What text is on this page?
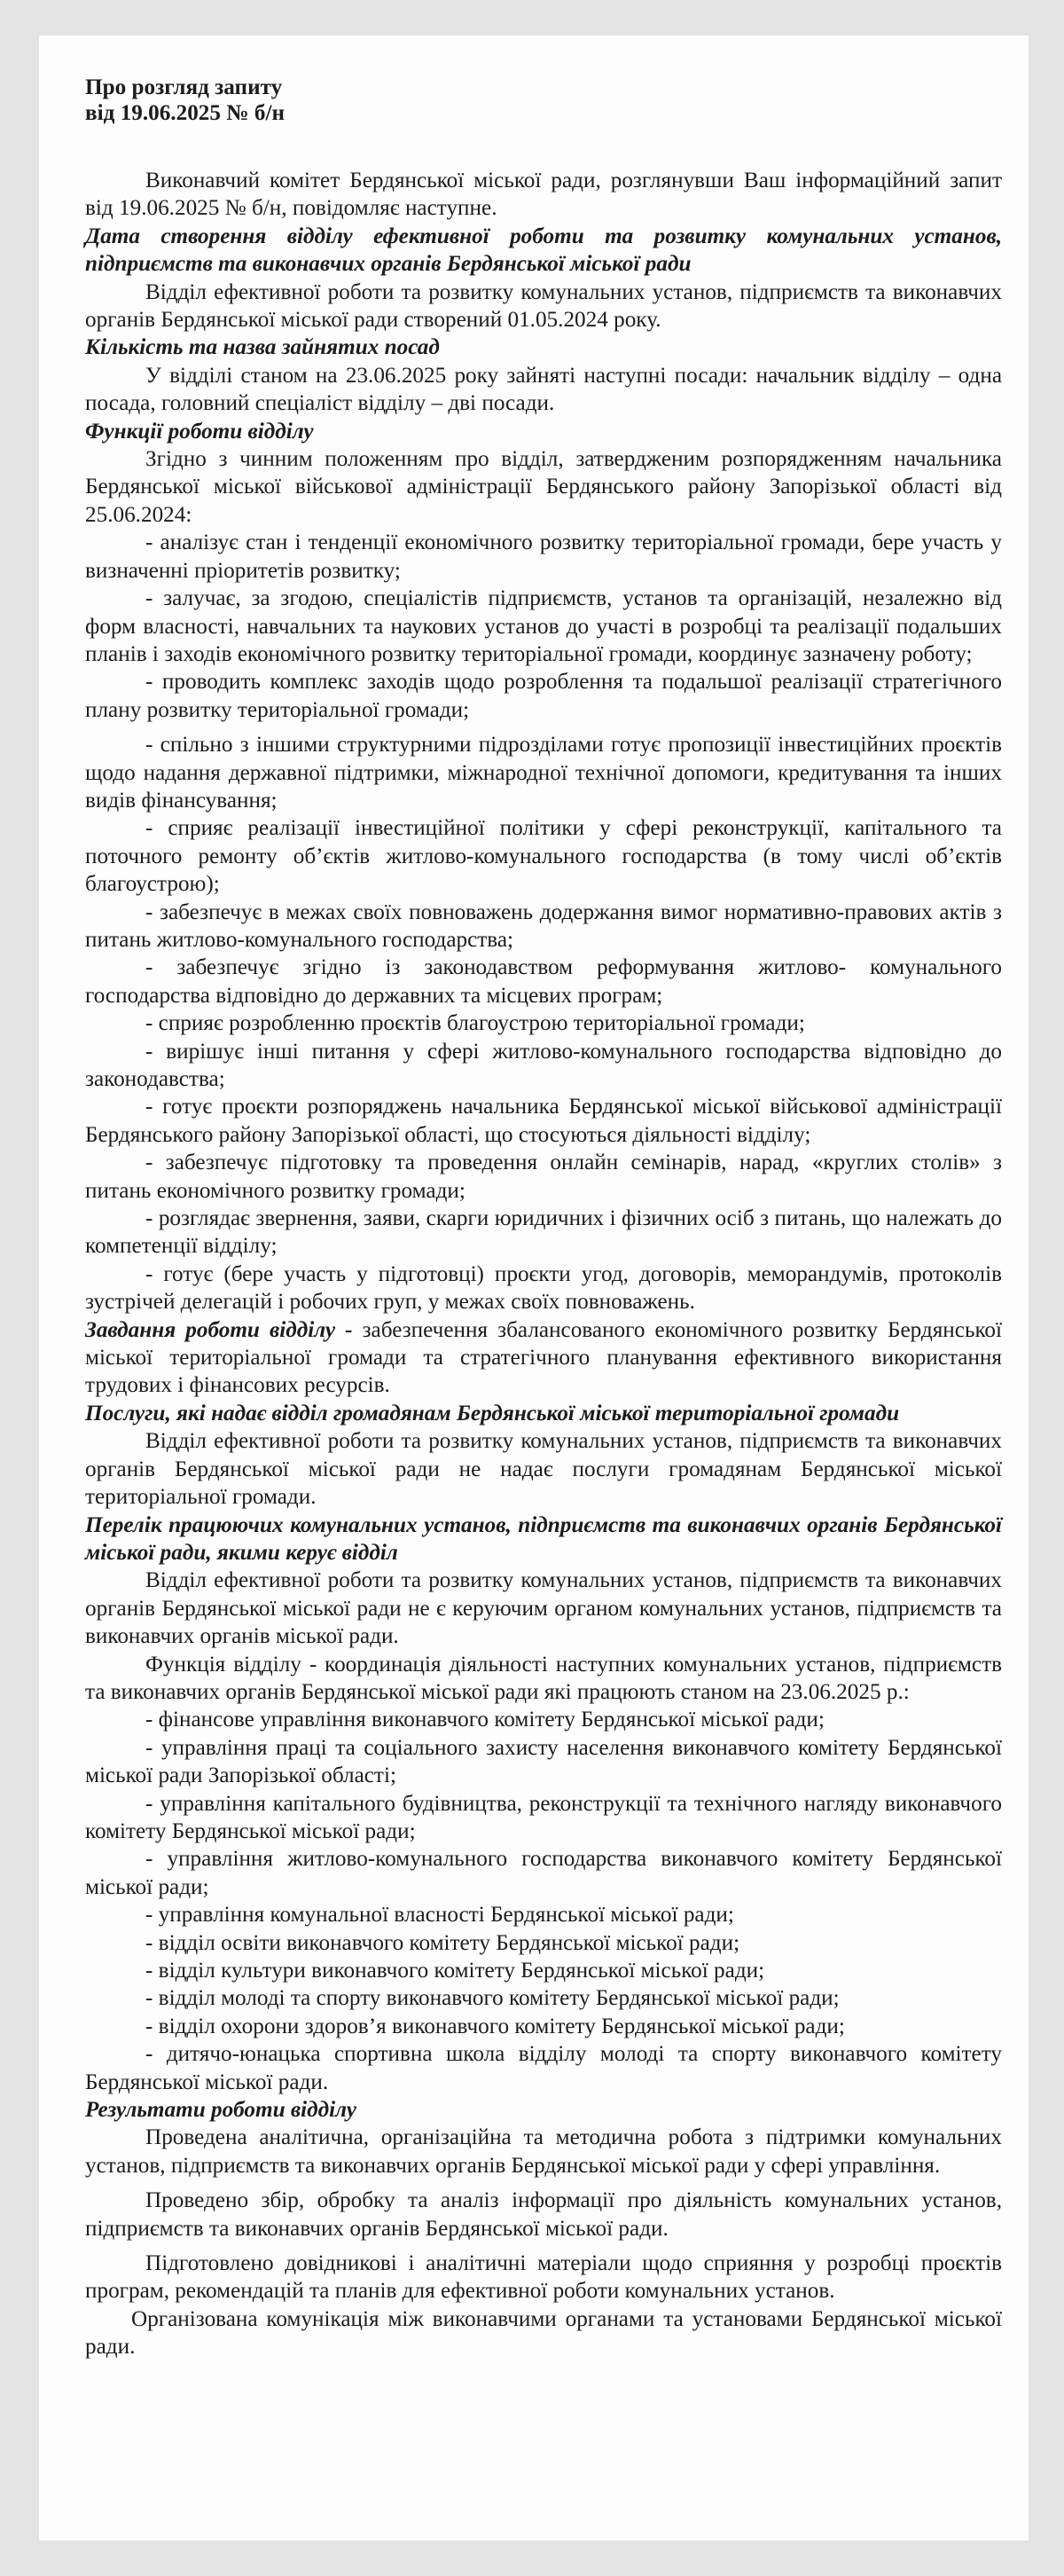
Про розгляд запиту

від 19.06.2025 № б/н

Виконавчий комітет Бердянської міської ради, розглянувши Ваш інформаційний запит від 19.06.2025 № б/н, повідомляє наступне.

Дата створення відділу ефективної роботи та розвитку комунальних установ, підприємств та виконавчих органів Бердянської міської ради

Відділ ефективної роботи та розвитку комунальних установ, підприємств та виконавчих органів Бердянської міської ради створений 01.05.2024 року.

Кількість та назва зайнятих посад

У відділі станом на 23.06.2025 року зайняті наступні посади: начальник відділу – одна посада, головний спеціаліст відділу – дві посади.

Функції роботи відділу

Згідно з чинним положенням про відділ, затвердженим розпорядженням начальника Бердянської міської військової адміністрації Бердянського району Запорізької області від 25.06.2024:

- аналізує стан і тенденції економічного розвитку територіальної громади, бере участь у визначенні пріоритетів розвитку;

- залучає, за згодою, спеціалістів підприємств, установ та організацій, незалежно від форм власності, навчальних та наукових установ до участі в розробці та реалізації подальших планів і заходів економічного розвитку територіальної громади, координує зазначену роботу;

- проводить комплекс заходів щодо розроблення та подальшої реалізації стратегічного плану розвитку територіальної громади;

- спільно з іншими структурними підрозділами готує пропозиції інвестиційних проєктів щодо надання державної підтримки, міжнародної технічної допомоги, кредитування та інших видів фінансування;

- сприяє реалізації інвестиційної політики у сфері реконструкції, капітального та поточного ремонту об’єктів житлово-комунального господарства (в тому числі об’єктів благоустрою);

- забезпечує в межах своїх повноважень додержання вимог нормативно-правових актів з питань житлово-комунального господарства;

- забезпечує згідно із законодавством реформування житлово- комунального господарства відповідно до державних та місцевих програм;

- сприяє розробленню проєктів благоустрою територіальної громади;

- вирішує інші питання у сфері житлово-комунального господарства відповідно до законодавства;

- готує проєкти розпоряджень начальника Бердянської міської військової адміністрації Бердянського району Запорізької області, що стосуються діяльності відділу;

- забезпечує підготовку та проведення онлайн семінарів, нарад, «круглих столів» з питань економічного розвитку громади;

- розглядає звернення, заяви, скарги юридичних і фізичних осіб з питань, що належать до компетенції відділу;

- готує (бере участь у підготовці) проєкти угод, договорів, меморандумів, протоколів зустрічей делегацій і робочих груп, у межах своїх повноважень.

Завдання роботи відділу - забезпечення збалансованого економічного розвитку Бердянської міської територіальної громади та стратегічного планування ефективного використання трудових і фінансових ресурсів.

Послуги, які надає відділ громадянам Бердянської міської територіальної громади

Відділ ефективної роботи та розвитку комунальних установ, підприємств та виконавчих органів Бердянської міської ради не надає послуги громадянам Бердянської міської територіальної громади.

Перелік працюючих комунальних установ, підприємств та виконавчих органів Бердянської міської ради, якими керує відділ

Відділ ефективної роботи та розвитку комунальних установ, підприємств та виконавчих органів Бердянської міської ради не є керуючим органом комунальних установ, підприємств та виконавчих органів міської ради.

Функція відділу - координація діяльності наступних комунальних установ, підприємств та виконавчих органів Бердянської міської ради які працюють станом на 23.06.2025 р.:

- фінансове управління виконавчого комітету Бердянської міської ради;

- управління праці та соціального захисту населення виконавчого комітету Бердянської міської ради Запорізької області;

- управління капітального будівництва, реконструкції та технічного нагляду виконавчого комітету Бердянської міської ради;

- управління житлово-комунального господарства виконавчого комітету Бердянської міської ради;

- управління комунальної власності Бердянської міської ради;

- відділ освіти виконавчого комітету Бердянської міської ради;

- відділ культури виконавчого комітету Бердянської міської ради;

- відділ молоді та спорту виконавчого комітету Бердянської міської ради;

- відділ охорони здоров’я виконавчого комітету Бердянської міської ради;

- дитячо-юнацька спортивна школа відділу молоді та спорту виконавчого комітету Бердянської міської ради.

Результати роботи відділу

Проведена аналітична, організаційна та методична робота з підтримки комунальних установ, підприємств та виконавчих органів Бердянської міської ради у сфері управління.

Проведено збір, обробку та аналіз інформації про діяльність комунальних установ, підприємств та виконавчих органів Бердянської міської ради.

Підготовлено довідникові і аналітичні матеріали щодо сприяння у розробці проєктів програм, рекомендацій та планів для ефективної роботи комунальних установ.

Організована комунікація між виконавчими органами та установами Бердянської міської ради.
